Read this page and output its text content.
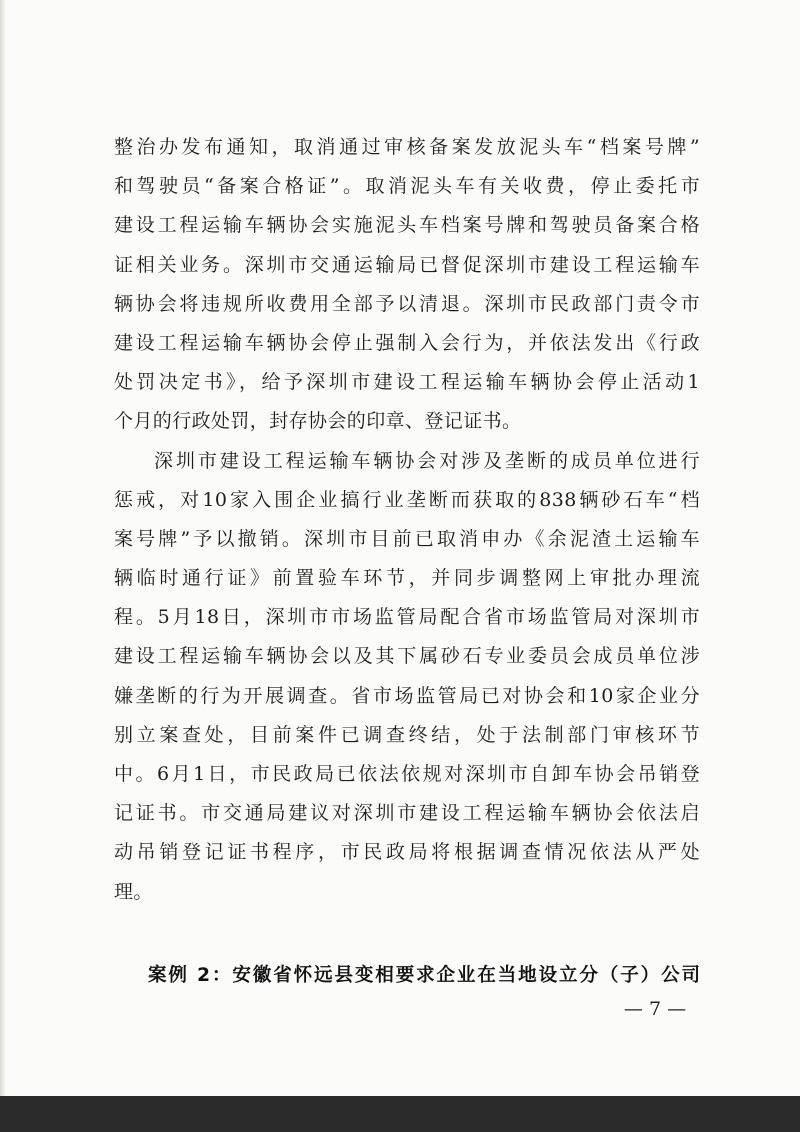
整治办发布通知，取消通过审核备案发放泥头车“档案号牌”
和驾驶员“备案合格证”。取消泥头车有关收费，停止委托市
建设工程运输车辆协会实施泥头车档案号牌和驾驶员备案合格
证相关业务。深圳市交通运输局已督促深圳市建设工程运输车
辆协会将违规所收费用全部予以清退。深圳市民政部门责令市
建设工程运输车辆协会停止强制入会行为，并依法发出《行政
处罚决定书》，给予深圳市建设工程运输车辆协会停止活动1
个月的行政处罚，封存协会的印章、登记证书。
深圳市建设工程运输车辆协会对涉及垄断的成员单位进行
惩戒，对10家入围企业搞行业垄断而获取的838辆砂石车“档
案号牌”予以撤销。深圳市目前已取消申办《余泥渣土运输车
辆临时通行证》前置验车环节，并同步调整网上审批办理流
程。5月18日，深圳市市场监管局配合省市场监管局对深圳市
建设工程运输车辆协会以及其下属砂石专业委员会成员单位涉
嫌垄断的行为开展调查。省市场监管局已对协会和10家企业分
别立案查处，目前案件已调查终结，处于法制部门审核环节
中。6月1日，市民政局已依法依规对深圳市自卸车协会吊销登
记证书。市交通局建议对深圳市建设工程运输车辆协会依法启
动吊销登记证书程序，市民政局将根据调查情况依法从严处
理。
案例 2：安徽省怀远县变相要求企业在当地设立分（子）公司
— 7 —
